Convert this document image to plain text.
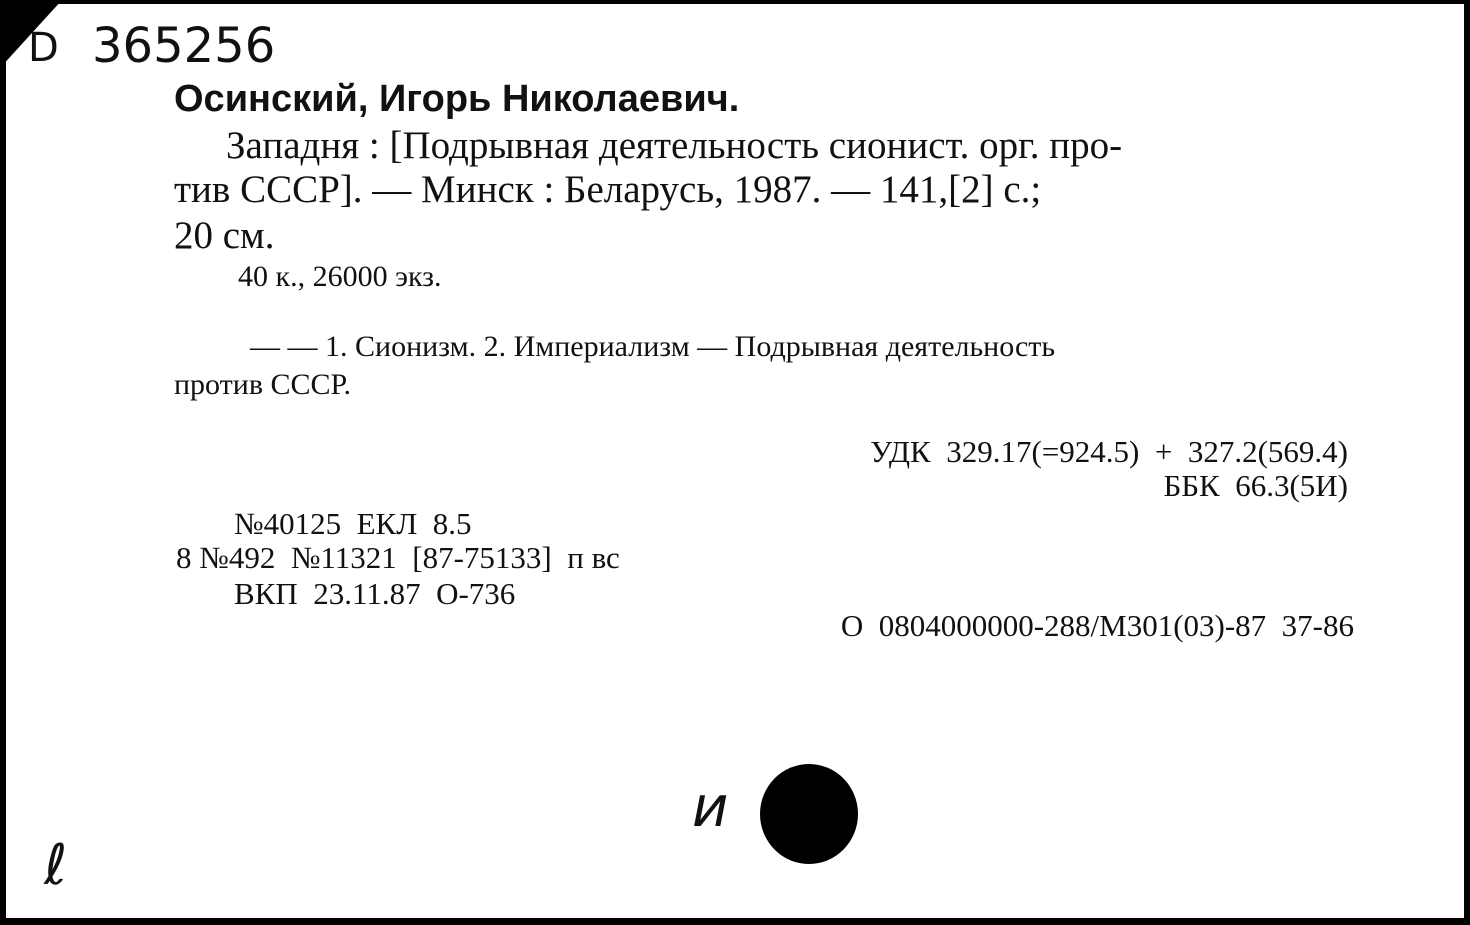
D 365256
Осинский, Игорь Николаевич.
Западня : [Подрывная деятельность сионист. орг. про-
тив СССР]. — Минск : Беларусь, 1987. — 141,[2] с.;
20 см.
40 к., 26000 экз.
— — 1. Сионизм. 2. Империализм — Подрывная деятельность
против СССР.
УДК  329.17(=924.5)  +  327.2(569.4)
ББК  66.3(5И)
№40125  ЕКЛ  8.5
8 №492  №11321  [87-75133]  п вс
ВКП  23.11.87  О-736
О  0804000000-288/М301(03)-87  37-86
и
ℓ
